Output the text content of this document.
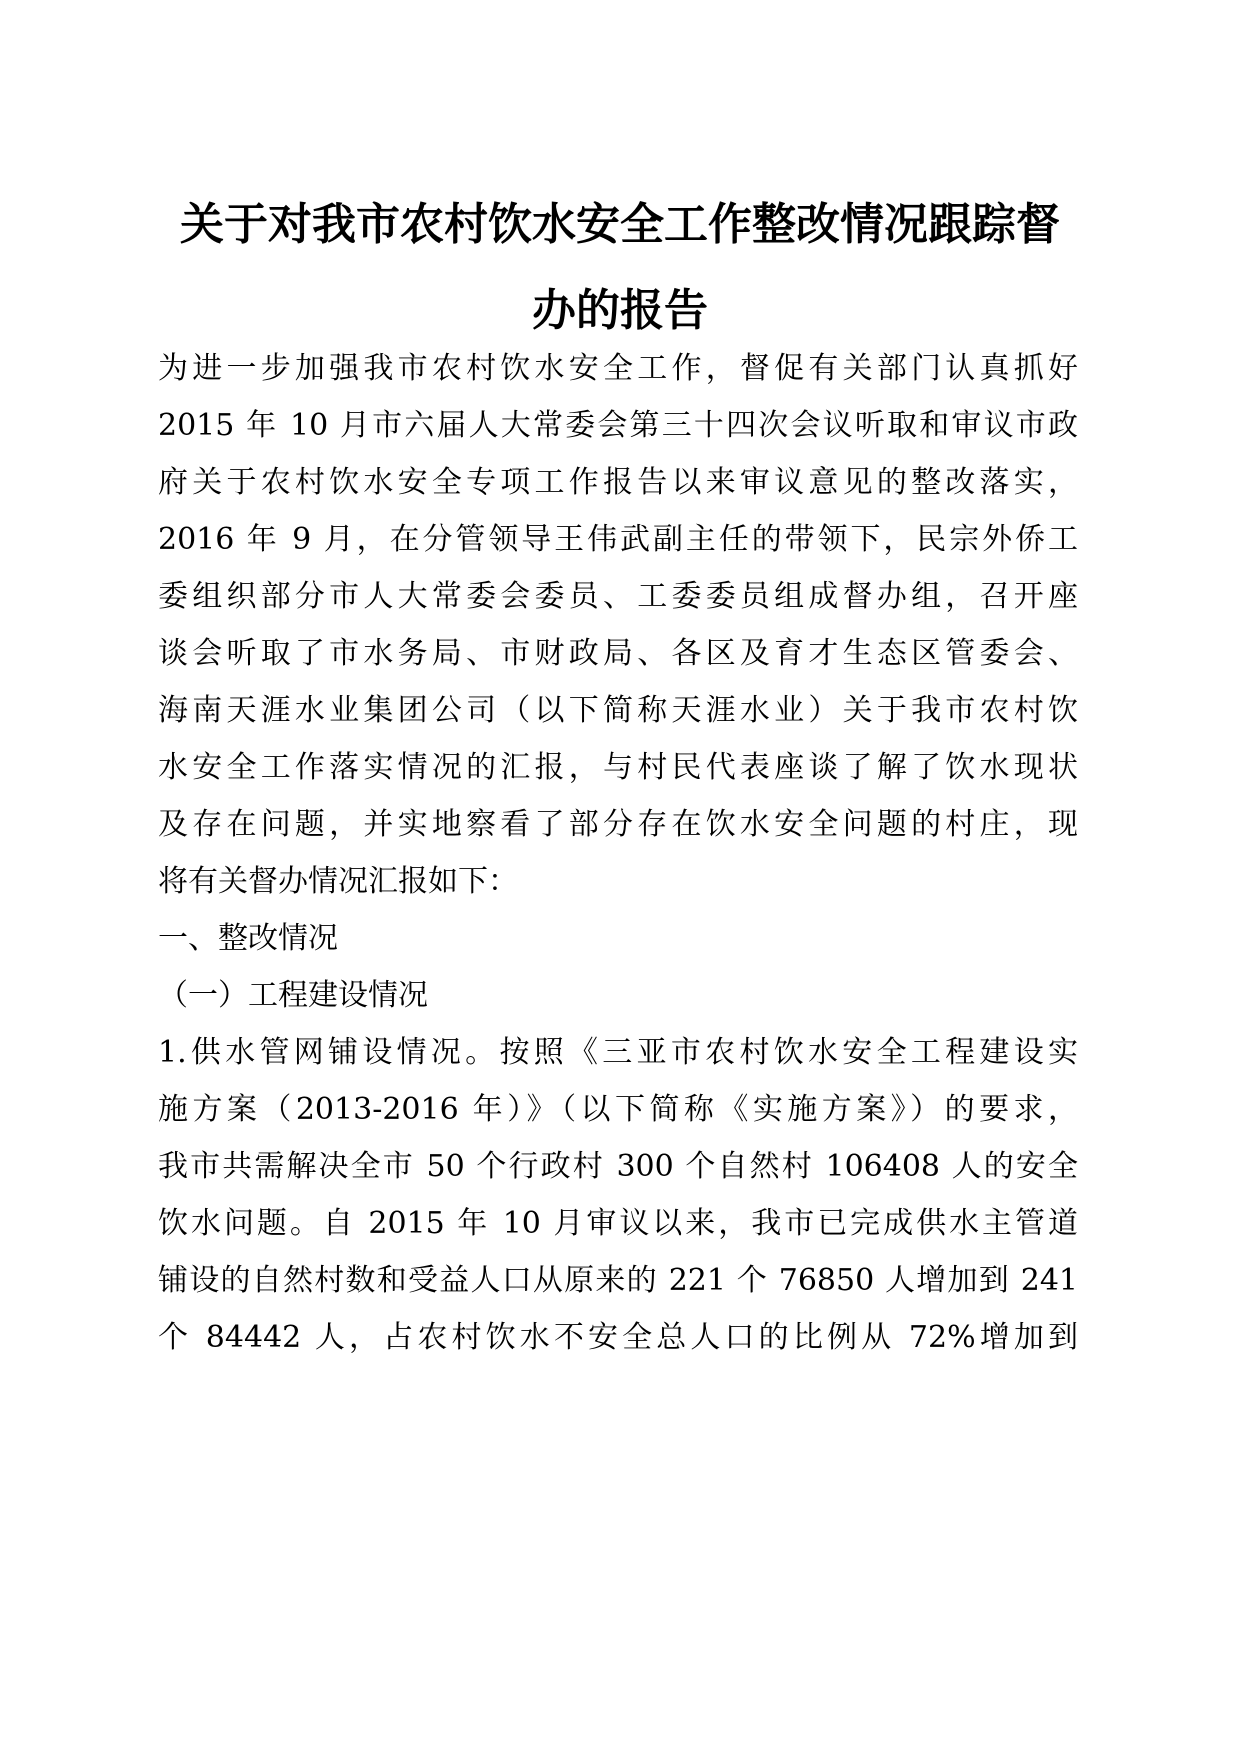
关于对我市农村饮水安全工作整改情况跟踪督
办的报告

为进一步加强我市农村饮水安全工作，督促有关部门认真抓好

2015 年 10 月市六届人大常委会第三十四次会议听取和审议市政

府关于农村饮水安全专项工作报告以来审议意见的整改落实，

2016 年 9 月，在分管领导王伟武副主任的带领下，民宗外侨工

委组织部分市人大常委会委员、工委委员组成督办组，召开座

谈会听取了市水务局、市财政局、各区及育才生态区管委会、

海南天涯水业集团公司（以下简称天涯水业）关于我市农村饮

水安全工作落实情况的汇报，与村民代表座谈了解了饮水现状

及存在问题，并实地察看了部分存在饮水安全问题的村庄，现

将有关督办情况汇报如下：

一、整改情况

（一）工程建设情况

1.供水管网铺设情况。按照《三亚市农村饮水安全工程建设实

施方案（2013-2016 年）》（以下简称《实施方案》）的要求，

我市共需解决全市 50 个行政村 300 个自然村 106408 人的安全

饮水问题。自 2015 年 10 月审议以来，我市已完成供水主管道

铺设的自然村数和受益人口从原来的 221 个 76850 人增加到 241

个 84442 人，占农村饮水不安全总人口的比例从 72%增加到
